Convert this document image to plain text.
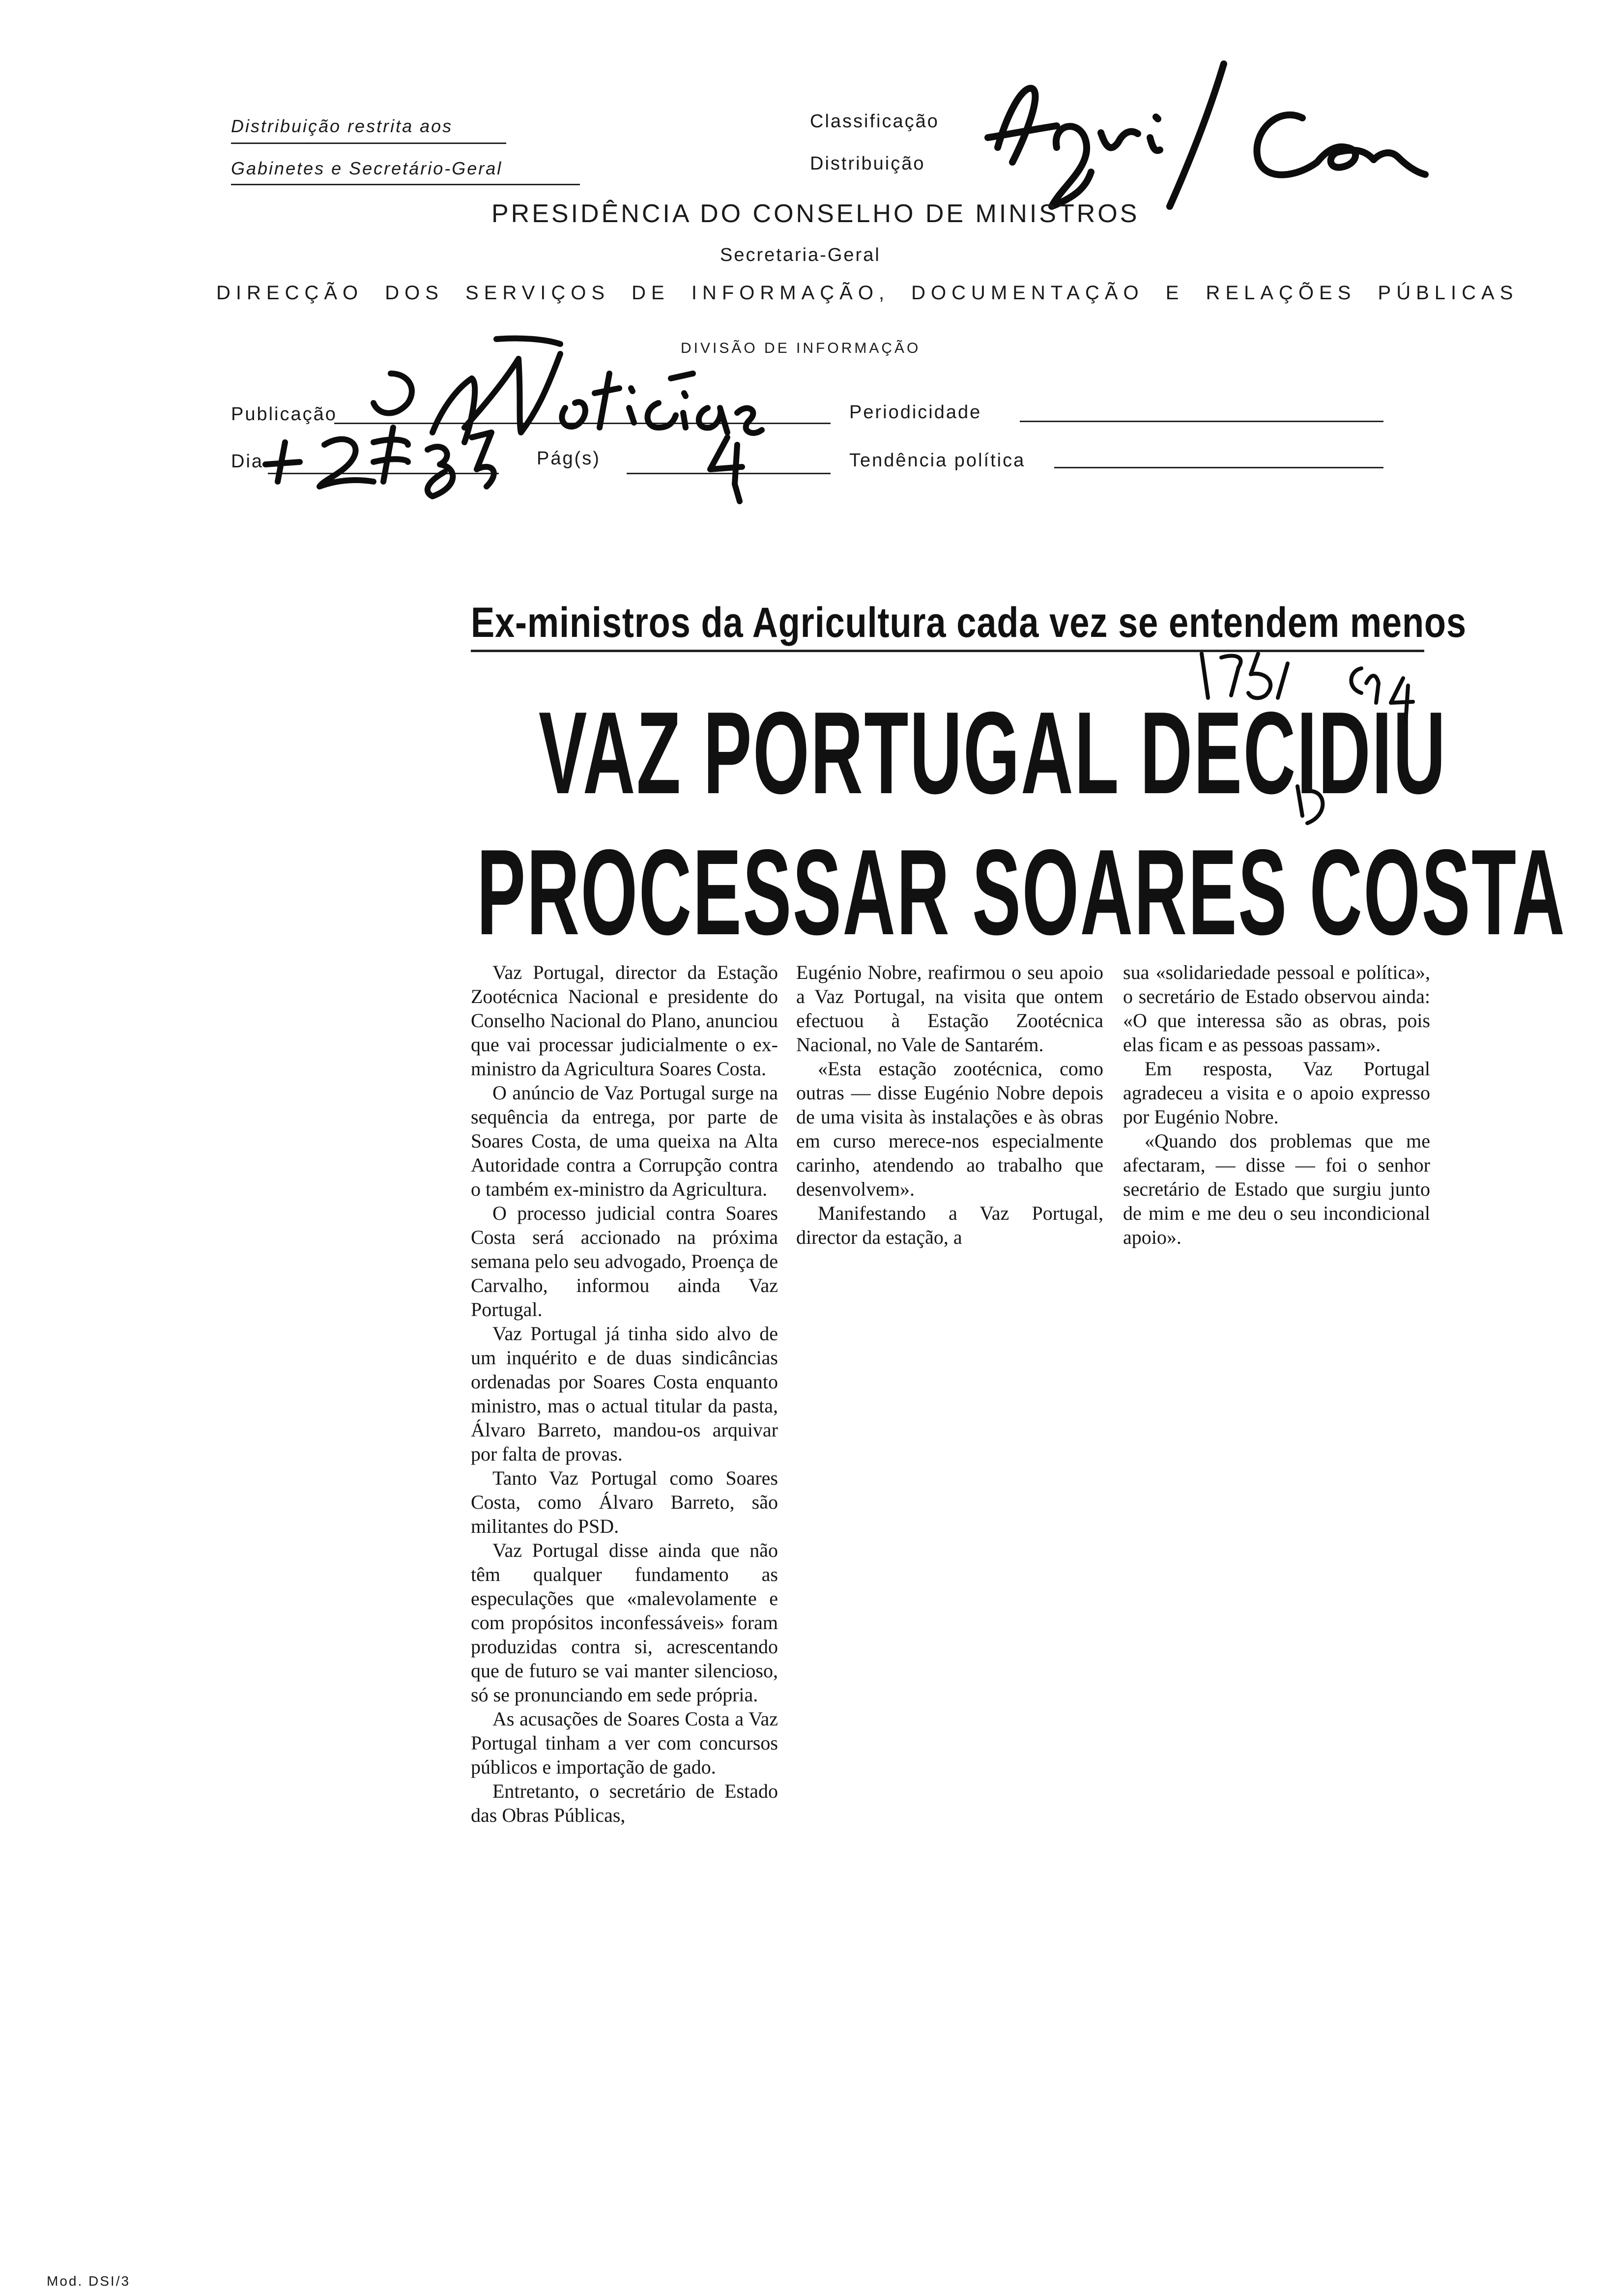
Distribuição restrita aos
Gabinetes e Secretário-Geral
Classificação
Distribuição
PRESIDÊNCIA DO CONSELHO DE MINISTROS
Secretaria-Geral
DIRECÇÃO DOS SERVIÇOS DE INFORMAÇÃO, DOCUMENTAÇÃO E RELAÇÕES PÚBLICAS
DIVISÃO DE INFORMAÇÃO
Publicação	Periodicidade
Dia	Pág(s)	Tendência política
Ex-ministros da Agricultura cada vez se entendem menos
VAZ PORTUGAL DECIDIU
PROCESSAR SOARES COSTA

Vaz Portugal, director da Estação Zootécnica Nacional e presidente do Conselho Nacional do Plano, anunciou que vai processar judicialmente o ex-ministro da Agricultura Soares Costa.

O anúncio de Vaz Portugal surge na sequência da entrega, por parte de Soares Costa, de uma queixa na Alta Autoridade contra a Corrupção contra o também ex-ministro da Agricultura.

O processo judicial contra Soares Costa será accionado na próxima semana pelo seu advogado, Proença de Carvalho, informou ainda Vaz Portugal.

Vaz Portugal já tinha sido alvo de um inquérito e de duas sindicâncias ordenadas por Soares Costa enquanto ministro, mas o actual titular da pasta, Álvaro Barreto, mandou-os arquivar por falta de provas.

Tanto Vaz Portugal como Soares Costa, como Álvaro Barreto, são militantes do PSD.

Vaz Portugal disse ainda que não têm qualquer fundamento as especulações que «malevolamente e com propósitos inconfessáveis» foram produzidas contra si, acrescentando que de futuro se vai manter silencioso, só se pronunciando em sede própria.

As acusações de Soares Costa a Vaz Portugal tinham a ver com concursos públicos e importação de gado.

Entretanto, o secretário de Estado das Obras Públicas,

Eugénio Nobre, reafirmou o seu apoio a Vaz Portugal, na visita que ontem efectuou à Estação Zootécnica Nacional, no Vale de Santarém.

«Esta estação zootécnica, como outras — disse Eugénio Nobre depois de uma visita às instalações e às obras em curso merece-nos especialmente carinho, atendendo ao trabalho que desenvolvem».

Manifestando a Vaz Portugal, director da estação, a

sua «solidariedade pessoal e política», o secretário de Estado observou ainda: «O que interessa são as obras, pois elas ficam e as pessoas passam».

Em resposta, Vaz Portugal agradeceu a visita e o apoio expresso por Eugénio Nobre.

«Quando dos problemas que me afectaram, — disse — foi o senhor secretário de Estado que surgiu junto de mim e me deu o seu incondicional apoio».

Mod. DSI/3
